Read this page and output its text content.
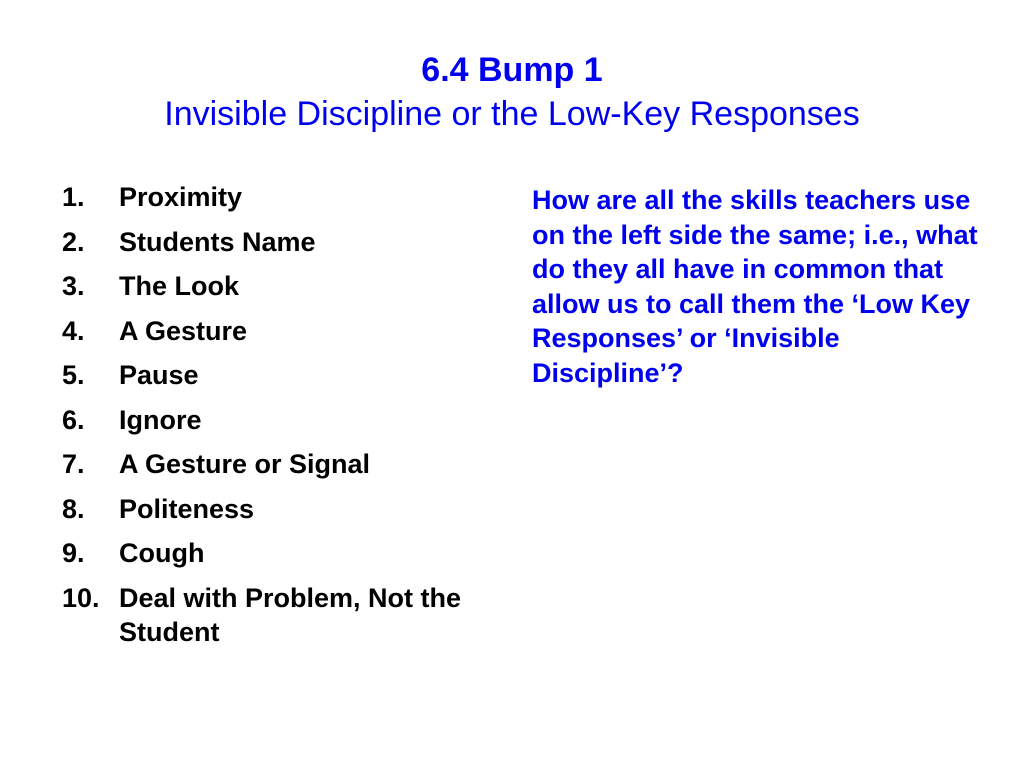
6.4 Bump 1
Invisible Discipline or the Low-Key Responses
1.	Proximity
2.	Students Name
3.	The Look
4.	A Gesture
5.	Pause
6.	Ignore
7.	A Gesture or Signal
8.	Politeness
9.	Cough
10. Deal with Problem, Not the Student

How are all the skills teachers use on the left side the same; i.e., what do they all have in common that allow us to call them the ‘Low Key Responses’ or ‘Invisible Discipline’?
